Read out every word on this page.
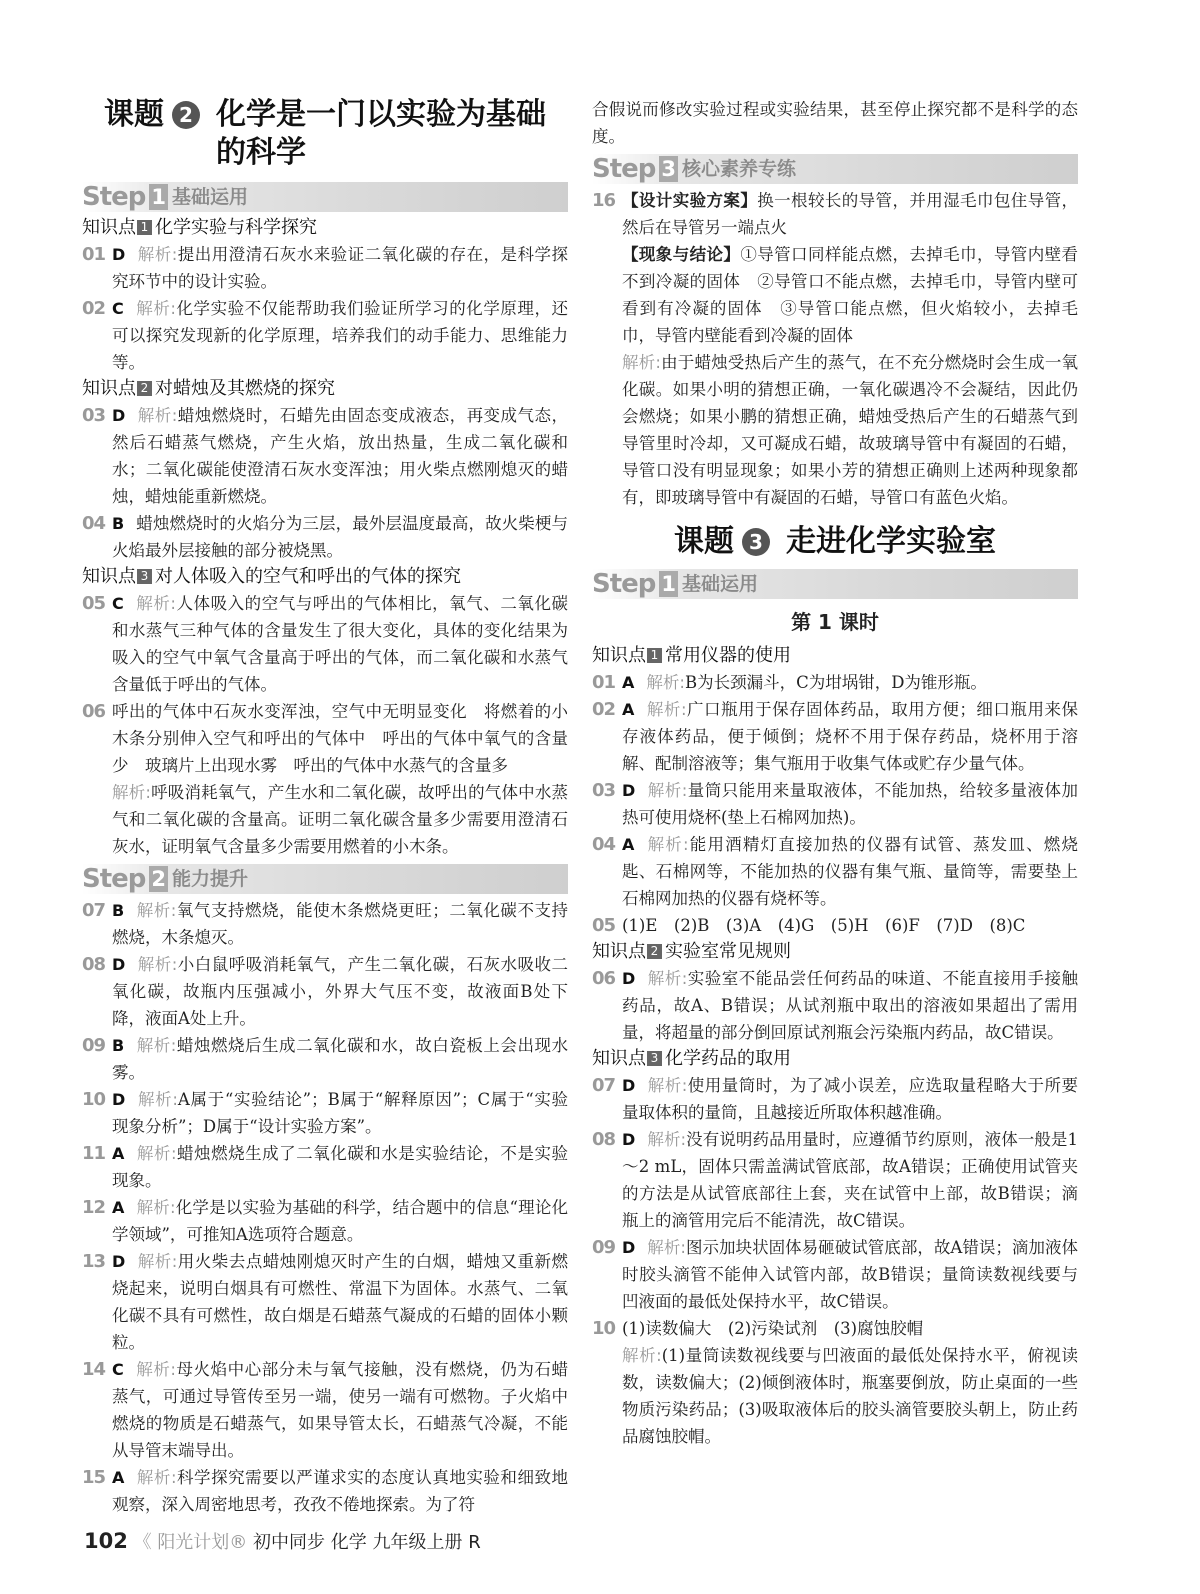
课题 2 化学是一门以实验为基础
的科学
Step 1 基础运用
知识点 1 化学实验与科学探究
01 D 解析:提出用澄清石灰水来验证二氧化碳的存在，是科学探究环节中的设计实验。

02 C 解析:化学实验不仅能帮助我们验证所学习的化学原理，还可以探究发现新的化学原理，培养我们的动手能力、思维能力等。

知识点 2 对蜡烛及其燃烧的探究
03 D 解析:蜡烛燃烧时，石蜡先由固态变成液态，再变成气态，然后石蜡蒸气燃烧，产生火焰，放出热量，生成二氧化碳和水；二氧化碳能使澄清石灰水变浑浊；用火柴点燃刚熄灭的蜡烛，蜡烛能重新燃烧。

04 B 蜡烛燃烧时的火焰分为三层，最外层温度最高，故火柴梗与火焰最外层接触的部分被烧黑。

知识点 3 对人体吸入的空气和呼出的气体的探究
05 C 解析:人体吸入的空气与呼出的气体相比，氧气、二氧化碳和水蒸气三种气体的含量发生了很大变化，具体的变化结果为吸入的空气中氧气含量高于呼出的气体，而二氧化碳和水蒸气含量低于呼出的气体。

06 呼出的气体中石灰水变浑浊，空气中无明显变化　将燃着的小木条分别伸入空气和呼出的气体中　呼出的气体中氧气的含量少　玻璃片上出现水雾　呼出的气体中水蒸气的含量多

解析:呼吸消耗氧气，产生水和二氧化碳，故呼出的气体中水蒸气和二氧化碳的含量高。证明二氧化碳含量多少需要用澄清石灰水，证明氧气含量多少需要用燃着的小木条。

Step 2 能力提升
07 B 解析:氧气支持燃烧，能使木条燃烧更旺；二氧化碳不支持燃烧，木条熄灭。

08 D 解析:小白鼠呼吸消耗氧气，产生二氧化碳，石灰水吸收二氧化碳，故瓶内压强减小，外界大气压不变，故液面B处下降，液面A处上升。

09 B 解析:蜡烛燃烧后生成二氧化碳和水，故白瓷板上会出现水雾。

10 D 解析:A属于“实验结论”；B属于“解释原因”；C属于“实验现象分析”；D属于“设计实验方案”。

11 A 解析:蜡烛燃烧生成了二氧化碳和水是实验结论，不是实验现象。

12 A 解析:化学是以实验为基础的科学，结合题中的信息“理论化学领域”，可推知A选项符合题意。

13 D 解析:用火柴去点蜡烛刚熄灭时产生的白烟，蜡烛又重新燃烧起来，说明白烟具有可燃性、常温下为固体。水蒸气、二氧化碳不具有可燃性，故白烟是石蜡蒸气凝成的石蜡的固体小颗粒。

14 C 解析:母火焰中心部分未与氧气接触，没有燃烧，仍为石蜡蒸气，可通过导管传至另一端，使另一端有可燃物。子火焰中燃烧的物质是石蜡蒸气，如果导管太长，石蜡蒸气冷凝，不能从导管末端导出。

15 A 解析:科学探究需要以严谨求实的态度认真地实验和细致地观察，深入周密地思考，孜孜不倦地探索。为了符

合假说而修改实验过程或实验结果，甚至停止探究都不是科学的态度。
Step 3 核心素养专练
16 【设计实验方案】换一根较长的导管，并用湿毛巾包住导管，然后在导管另一端点火

【现象与结论】①导管口同样能点燃，去掉毛巾，导管内壁看不到冷凝的固体　②导管口不能点燃，去掉毛巾，导管内壁可看到有冷凝的固体　③导管口能点燃，但火焰较小，去掉毛巾，导管内壁能看到冷凝的固体

解析:由于蜡烛受热后产生的蒸气，在不充分燃烧时会生成一氧化碳。如果小明的猜想正确，一氧化碳遇冷不会凝结，因此仍会燃烧；如果小鹏的猜想正确，蜡烛受热后产生的石蜡蒸气到导管里时冷却，又可凝成石蜡，故玻璃导管中有凝固的石蜡，导管口没有明显现象；如果小芳的猜想正确则上述两种现象都有，即玻璃导管中有凝固的石蜡，导管口有蓝色火焰。

课题 3 走进化学实验室
Step 1 基础运用
第 1 课时
知识点 1 常用仪器的使用
01 A 解析:B为长颈漏斗，C为坩埚钳，D为锥形瓶。

02 A 解析:广口瓶用于保存固体药品，取用方便；细口瓶用来保存液体药品，便于倾倒；烧杯不用于保存药品，烧杯用于溶解、配制溶液等；集气瓶用于收集气体或贮存少量气体。

03 D 解析:量筒只能用来量取液体，不能加热，给较多量液体加热可使用烧杯(垫上石棉网加热)。

04 A 解析:能用酒精灯直接加热的仪器有试管、蒸发皿、燃烧匙、石棉网等，不能加热的仪器有集气瓶、量筒等，需要垫上石棉网加热的仪器有烧杯等。

05 (1)E　(2)B　(3)A　(4)G　(5)H　(6)F　(7)D　(8)C

知识点 2 实验室常见规则
06 D 解析:实验室不能品尝任何药品的味道、不能直接用手接触药品，故A、B错误；从试剂瓶中取出的溶液如果超出了需用量，将超量的部分倒回原试剂瓶会污染瓶内药品，故C错误。

知识点 3 化学药品的取用
07 D 解析:使用量筒时，为了减小误差，应选取量程略大于所要量取体积的量筒，且越接近所取体积越准确。

08 D 解析:没有说明药品用量时，应遵循节约原则，液体一般是1～2 mL，固体只需盖满试管底部，故A错误；正确使用试管夹的方法是从试管底部往上套，夹在试管中上部，故B错误；滴瓶上的滴管用完后不能清洗，故C错误。

09 D 解析:图示加块状固体易砸破试管底部，故A错误；滴加液体时胶头滴管不能伸入试管内部，故B错误；量筒读数视线要与凹液面的最低处保持水平，故C错误。

10 (1)读数偏大　(2)污染试剂　(3)腐蚀胶帽

解析:(1)量筒读数视线要与凹液面的最低处保持水平，俯视读数，读数偏大；(2)倾倒液体时，瓶塞要倒放，防止桌面的一些物质污染药品；(3)吸取液体后的胶头滴管要胶头朝上，防止药品腐蚀胶帽。

102 《 阳光计划® 初中同步 化学 九年级上册 R
